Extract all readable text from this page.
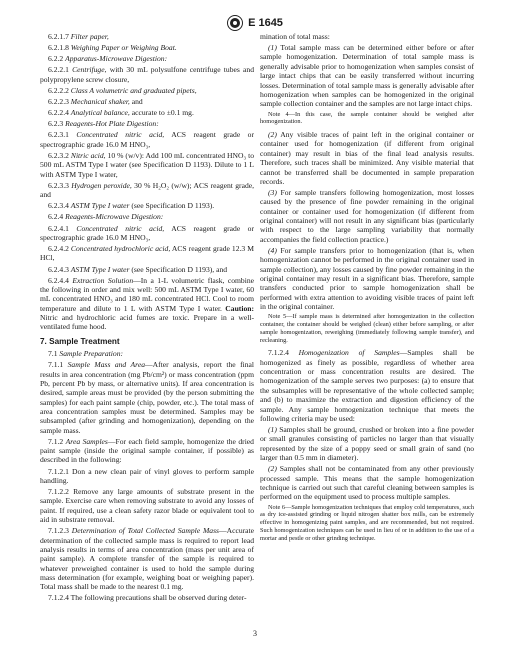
E 1645

6.2.1.7 Filter paper,

6.2.1.8 Weighing Paper or Weighing Boat.

6.2.2 Apparatus-Microwave Digestion:

6.2.2.1 Centrifuge, with 30 mL polysulfone centrifuge tubes and polypropylene screw closure,

6.2.2.2 Class A volumetric and graduated pipets,

6.2.2.3 Mechanical shaker, and

6.2.2.4 Analytical balance, accurate to ±0.1 mg.

6.2.3 Reagents-Hot Plate Digestion:

6.2.3.1 Concentrated nitric acid, ACS reagent grade or spectrographic grade 16.0 M HNO₃,

6.2.3.2 Nitric acid, 10 % (w/v): Add 100 mL concentrated HNO₃ to 500 mL ASTM Type I water (see Specification D 1193). Dilute to 1 L with ASTM Type I water,

6.2.3.3 Hydrogen peroxide, 30 % H₂O₂ (w/w); ACS reagent grade, and

6.2.3.4 ASTM Type I water (see Specification D 1193).

6.2.4 Reagents-Microwave Digestion:

6.2.4.1 Concentrated nitric acid, ACS reagent grade or spectrographic grade 16.0 M HNO₃,

6.2.4.2 Concentrated hydrochloric acid, ACS reagent grade 12.3 M HCl,

6.2.4.3 ASTM Type I water (see Specification D 1193), and

6.2.4.4 Extraction Solution—In a 1-L volumetric flask, combine the following in order and mix well: 500 mL ASTM Type I water, 60 mL concentrated HNO₃ and 180 mL concentrated HCl. Cool to room temperature and dilute to 1 L with ASTM Type I water. Caution: Nitric and hydrochloric acid fumes are toxic. Prepare in a well-ventilated fume hood.

7. Sample Treatment

7.1 Sample Preparation:

7.1.1 Sample Mass and Area—After analysis, report the final results in area concentration (mg Pb/cm²) or mass concentration (ppm Pb, percent Pb by mass, or alternative units). If area concentration is desired, sample areas must be provided (by the person submitting the samples) for each paint sample (chip, powder, etc.). The total mass of area concentration samples must be determined. Samples may be subsampled (after grinding and homogenization), depending on the sample mass.

7.1.2 Area Samples—For each field sample, homogenize the dried paint sample (inside the original sample container, if possible) as described in the following:

7.1.2.1 Don a new clean pair of vinyl gloves to perform sample handling.

7.1.2.2 Remove any large amounts of substrate present in the sample. Exercise care when removing substrate to avoid any losses of paint. If required, use a clean safety razor blade or equivalent tool to aid in substrate removal.

7.1.2.3 Determination of Total Collected Sample Mass—Accurate determination of the collected sample mass is required to report lead analysis results in terms of area concentration (mass per unit area of paint sample). A complete transfer of the sample is required to whatever preweighed container is used to hold the sample during mass determination (for example, weighing boat or weighing paper). Total mass shall be made to the nearest 0.1 mg.

7.1.2.4 The following precautions shall be observed during deter-

mination of total mass:

(1) Total sample mass can be determined either before or after sample homogenization. Determination of total sample mass is generally advisable prior to homogenization when samples consist of large intact chips that can be easily transferred without incurring losses. Determination of total sample mass is generally advisable after homogenization when samples can be homogenized in the original sample collection container and the samples are not large intact chips.

Note 4—In this case, the sample container should be weighed after homogenization.

(2) Any visible traces of paint left in the original container or container used for homogenization (if different from original container) may result in bias of the final lead analysis results. Therefore, such traces shall be minimized. Any visible material that cannot be transferred shall be documented in sample preparation records.

(3) For sample transfers following homogenization, most losses caused by the presence of fine powder remaining in the original container or container used for homogenization (if different from original container) will not result in any significant bias (particularly with respect to the large sampling variability that normally accompanies the field collection practice.)

(4) For sample transfers prior to homogenization (that is, when homogenization cannot be performed in the original container used in sample collection), any losses caused by fine powder remaining in the original container may result in a significant bias. Therefore, sample transfers conducted prior to sample homogenization shall be performed with extra attention to avoiding visible traces of paint left in the original container.

Note 5—If sample mass is determined after homogenization in the collection container, the container should be weighed (clean) either before sampling, or after sample homogenization, reweighing (immediately following sample transfer), and recleaning.

7.1.2.4 Homogenization of Samples—Samples shall be homogenized as finely as possible, regardless of whether area concentration or mass concentration results are desired. The homogenization of the sample serves two purposes: (a) to ensure that the subsamples will be representative of the whole collected sample; and (b) to maximize the extraction and digestion efficiency of the sample. Any sample homogenization technique that meets the following criteria may be used:

(1) Samples shall be ground, crushed or broken into a fine powder or small granules consisting of particles no larger than that visually represented by the size of a poppy seed or small grain of sand (no larger than 0.5 mm in diameter).

(2) Samples shall not be contaminated from any other previously processed sample. This means that the sample homogenization technique is carried out such that careful cleaning between samples is performed on the equipment used to process multiple samples.

Note 6—Sample homogenization techniques that employ cold temperatures, such as dry ice-assisted grinding or liquid nitrogen shatter box mills, can be extremely effective in homogenizing paint samples, and are recommended, but not required. Such homogenization techniques can be used in lieu of or in addition to the use of a mortar and pestle or other grinding technique.

3
